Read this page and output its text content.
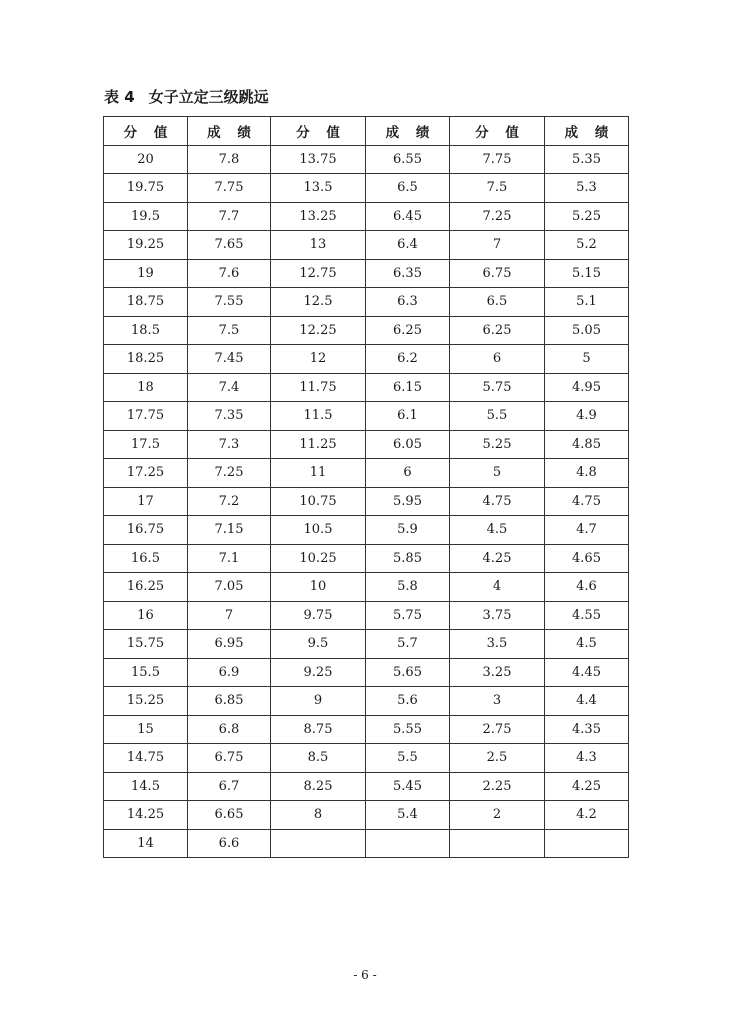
表 4 女子立定三级跳远
分 值	成 绩	分 值	成 绩	分 值	成 绩
20	7.8	13.75	6.55	7.75	5.35
19.75	7.75	13.5	6.5	7.5	5.3
19.5	7.7	13.25	6.45	7.25	5.25
19.25	7.65	13	6.4	7	5.2
19	7.6	12.75	6.35	6.75	5.15
18.75	7.55	12.5	6.3	6.5	5.1
18.5	7.5	12.25	6.25	6.25	5.05
18.25	7.45	12	6.2	6	5
18	7.4	11.75	6.15	5.75	4.95
17.75	7.35	11.5	6.1	5.5	4.9
17.5	7.3	11.25	6.05	5.25	4.85
17.25	7.25	11	6	5	4.8
17	7.2	10.75	5.95	4.75	4.75
16.75	7.15	10.5	5.9	4.5	4.7
16.5	7.1	10.25	5.85	4.25	4.65
16.25	7.05	10	5.8	4	4.6
16	7	9.75	5.75	3.75	4.55
15.75	6.95	9.5	5.7	3.5	4.5
15.5	6.9	9.25	5.65	3.25	4.45
15.25	6.85	9	5.6	3	4.4
15	6.8	8.75	5.55	2.75	4.35
14.75	6.75	8.5	5.5	2.5	4.3
14.5	6.7	8.25	5.45	2.25	4.25
14.25	6.65	8	5.4	2	4.2
14	6.6				
- 6 -
